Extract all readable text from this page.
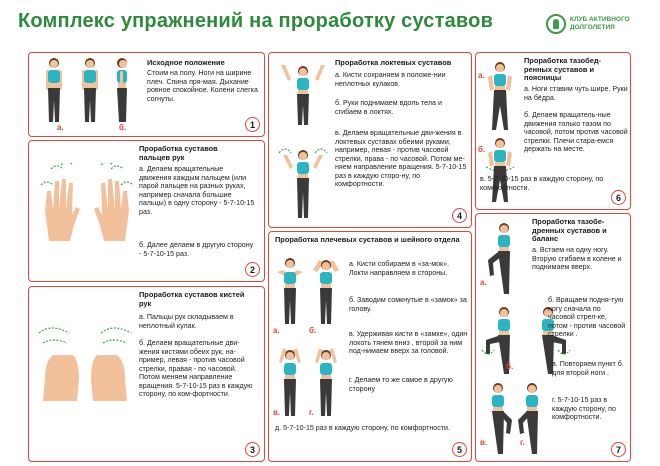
Комплекс упражнений на проработку суставов	КЛУБ АКТИВНОГО
ДОЛГОЛЕТИЯ
а.	б.
Исходное положение
Стоим на полу. Ноги на ширине плеч. Спина пря-мая. Дыхание ровное спокойное. Колени слегка согнуты.
1
Проработка суставов пальцев рук
а. Делаем вращательные движения каждым пальцем (или парой пальцев на разных руках, например сначала большие пальцы) в одну сторону - 5-7-10-15 раз.
б. Далее делаем в другую сторону - 5-7-10-15 раз.
2
Проработка суставов кистей рук
а. Пальцы рук складываем в неплотный кулак.
б. Делаем вращательные дви-жения кистями обеих рук, на-пример, левая - против часовой стрелки, правая - по часовой. Потом меняем направление вращения. 5-7-10-15 раз в каждую сторону, по ком-фортности.
3
Проработка локтевых суставов
а. Кисти сохраняем в положе-нии неплотных кулаков.
б. Руки поднимаем вдоль тела и сгибаем в локтях.
в. Делаем вращательные дви-жения в локтевых суставах обеими руками, например, левая - против часовой стрелки, права - по часовой. Потом ме-няем направление вращения. 5-7-10-15 раз в каждую сторо-ну, по комфортности.
4
Проработка плечевых суставов и шейного отдела
а.	б.
в.	г.
а. Кисти собираем в «за-мок». Локти направляем в стороны.
б. Заводим сомкнутые в «замок» за голову.
в. Удерживая кисти в «замке», один локоть тянем вниз , второй за ним под-нимаем вверх за головой.
г. Делаем то же самое в другую сторону
д. 5-7-10-15 раз в каждую сторону, по комфортности.
5
а.
б.
Проработка тазобед-ренных суставов и поясницы
а. Ноги ставим чуть шире. Руки на бёдра.
б. Делаем вращатель-ные движения только тазом по часовой, потом против часовой стрелки. Плечи стара-емся держать на месте.
в. 5-7-10-15 раз в каждую сторону, по комфортности.
6
а.
б.
в.	г.
Проработка тазобе-дренных суставов и баланс
а. Встаем на одну ногу. Вторую сгибаем в колене и поднимаем вверх.
б. Вращаем подня-тую ногу сначала по часовой стрел-ке, потом - против часовой стрелки .
в. Повторяем пункт б. для второй ноги .
г. 5-7-10-15 раз в каждую сторону, по комфортности.
7
